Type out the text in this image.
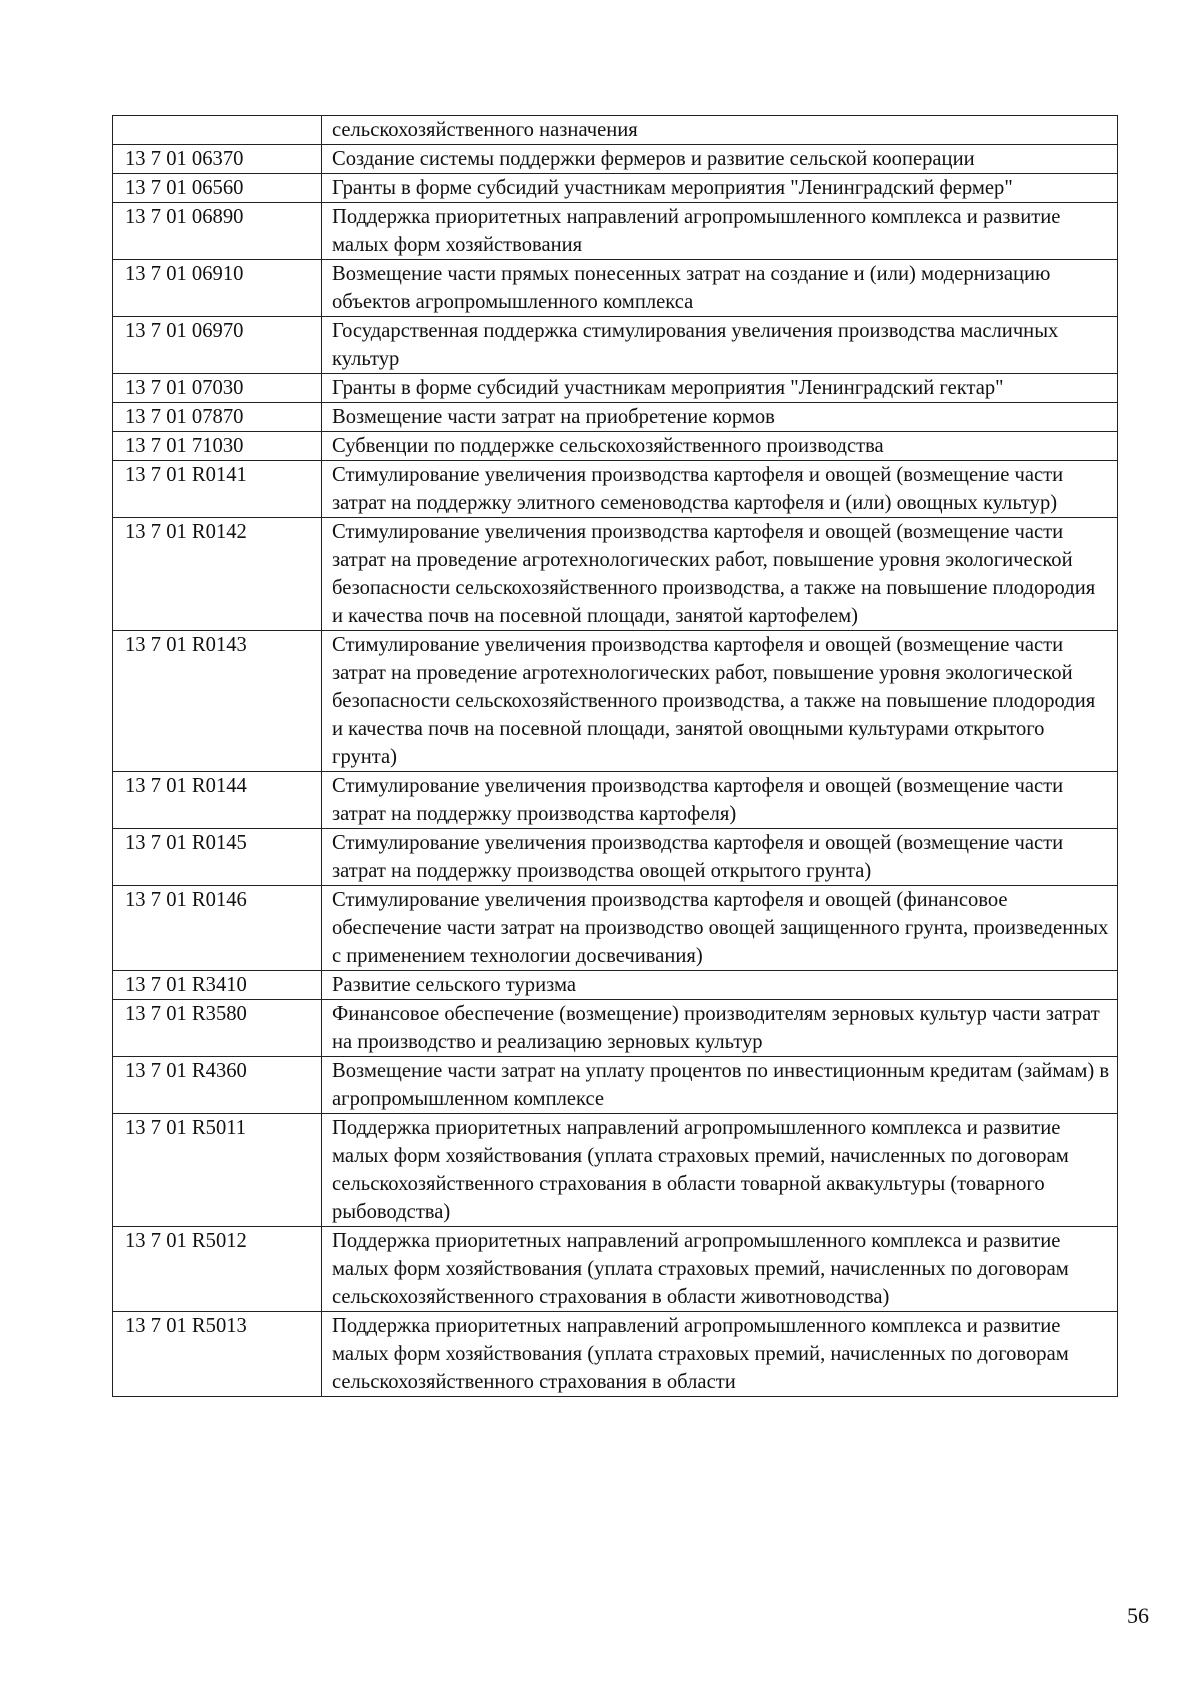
	сельскохозяйственного назначения
13 7 01 06370	Создание системы поддержки фермеров и развитие сельской кооперации
13 7 01 06560	Гранты в форме субсидий участникам мероприятия "Ленинградский фермер"
13 7 01 06890	Поддержка приоритетных направлений агропромышленного комплекса и развитие малых форм хозяйствования
13 7 01 06910	Возмещение части прямых понесенных затрат на создание и (или) модернизацию объектов агропромышленного комплекса
13 7 01 06970	Государственная поддержка стимулирования увеличения производства масличных культур
13 7 01 07030	Гранты в форме субсидий участникам мероприятия "Ленинградский гектар"
13 7 01 07870	Возмещение части затрат на приобретение кормов
13 7 01 71030	Субвенции по поддержке сельскохозяйственного производства
13 7 01 R0141	Стимулирование увеличения производства картофеля и овощей (возмещение части затрат на поддержку элитного семеноводства картофеля и (или) овощных культур)
13 7 01 R0142	Стимулирование увеличения производства картофеля и овощей (возмещение части затрат на проведение агротехнологических работ, повышение уровня экологической безопасности сельскохозяйственного производства, а также на повышение плодородия и качества почв на посевной площади, занятой картофелем)
13 7 01 R0143	Стимулирование увеличения производства картофеля и овощей (возмещение части затрат на проведение агротехнологических работ, повышение уровня экологической безопасности сельскохозяйственного производства, а также на повышение плодородия и качества почв на посевной площади, занятой овощными культурами открытого грунта)
13 7 01 R0144	Стимулирование увеличения производства картофеля и овощей (возмещение части затрат на поддержку производства картофеля)
13 7 01 R0145	Стимулирование увеличения производства картофеля и овощей (возмещение части затрат на поддержку производства овощей открытого грунта)
13 7 01 R0146	Стимулирование увеличения производства картофеля и овощей (финансовое обеспечение части затрат на производство овощей защищенного грунта, произведенных с применением технологии досвечивания)
13 7 01 R3410	Развитие сельского туризма
13 7 01 R3580	Финансовое обеспечение (возмещение) производителям зерновых культур части затрат на производство и реализацию зерновых культур
13 7 01 R4360	Возмещение части затрат на уплату процентов по инвестиционным кредитам (займам) в агропромышленном комплексе
13 7 01 R5011	Поддержка приоритетных направлений агропромышленного комплекса и развитие малых форм хозяйствования (уплата страховых премий, начисленных по договорам сельскохозяйственного страхования в области товарной аквакультуры (товарного рыбоводства)
13 7 01 R5012	Поддержка приоритетных направлений агропромышленного комплекса и развитие малых форм хозяйствования (уплата страховых премий, начисленных по договорам сельскохозяйственного страхования в области животноводства)
13 7 01 R5013	Поддержка приоритетных направлений агропромышленного комплекса и развитие малых форм хозяйствования (уплата страховых премий, начисленных по договорам сельскохозяйственного страхования в области
56
